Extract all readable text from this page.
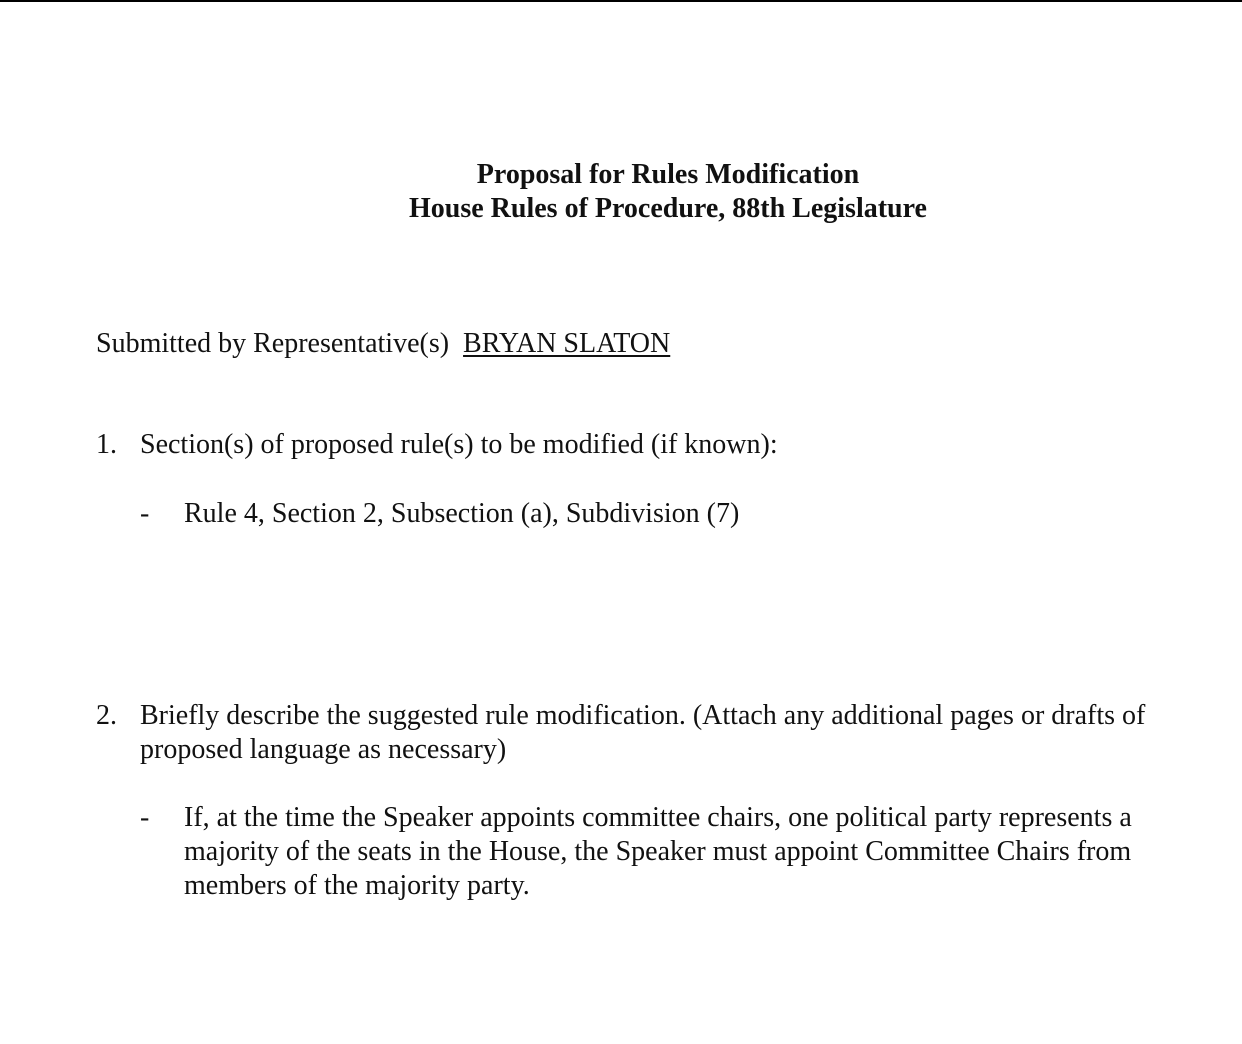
Proposal for Rules Modification
House Rules of Procedure, 88th Legislature
Submitted by Representative(s) BRYAN SLATON
1. Section(s) of proposed rule(s) to be modified (if known):
- Rule 4, Section 2, Subsection (a), Subdivision (7)
2. Briefly describe the suggested rule modification. (Attach any additional pages or drafts of proposed language as necessary)
- If, at the time the Speaker appoints committee chairs, one political party represents a majority of the seats in the House, the Speaker must appoint Committee Chairs from members of the majority party.
